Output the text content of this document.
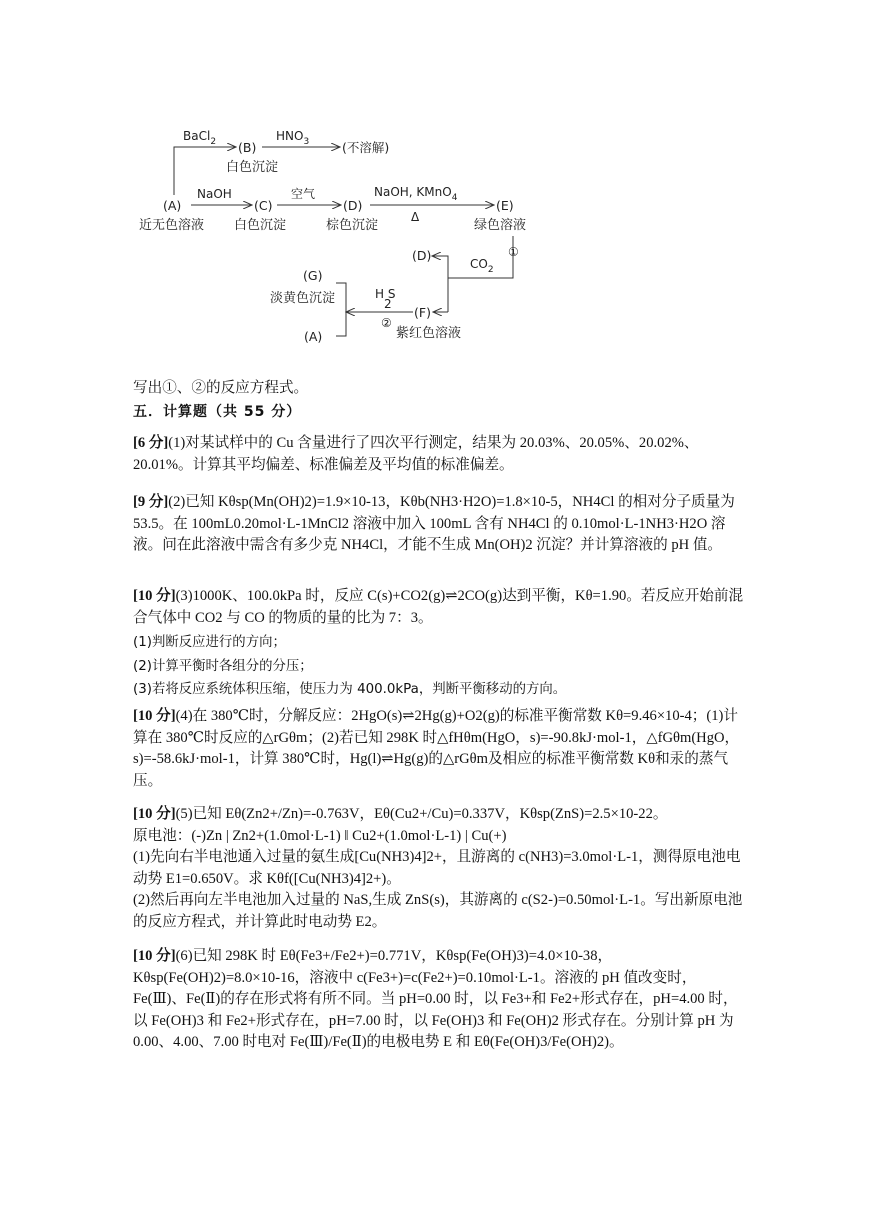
BaCl$_2$	$HNO_3$
NaOH	空气	NaOH, KMnO$_4$
Δ
$CO_2$
H S
2
①
②
(B)	(不溶解)
(A)	(C)	(D)	(E)
(D)
(G)
(F)
(A)
白色沉淀
近无色溶液 白色沉淀	棕色沉淀	绿色溶液
淡黄色沉淀
紫红色溶液

写出①、②的反应方程式。

五．计算题（共 55 分）

[6 分](1)对某试样中的 Cu 含量进行了四次平行测定，结果为 20.03%、20.05%、20.02%、20.01%。计算其平均偏差、标准偏差及平均值的标准偏差。

[9 分](2)已知 Kθsp(Mn(OH)2)=1.9×10-13，Kθb(NH3·H2O)=1.8×10-5，NH4Cl 的相对分子质量为 53.5。在 100mL0.20mol·L-1MnCl2 溶液中加入 100mL 含有 NH4Cl 的 0.10mol·L-1NH3·H2O 溶液。问在此溶液中需含有多少克 NH4Cl，才能不生成 Mn(OH)2 沉淀？并计算溶液的 pH 值。

[10 分](3)1000K、100.0kPa 时，反应 C(s)+CO2(g)⇌2CO(g)达到平衡，Kθ=1.90。若反应开始前混合气体中 CO2 与 CO 的物质的量的比为 7：3。

(1)判断反应进行的方向；

(2)计算平衡时各组分的分压；

(3)若将反应系统体积压缩，使压力为 400.0kPa，判断平衡移动的方向。

[10 分](4)在 380℃时，分解反应：2HgO(s)⇌2Hg(g)+O2(g)的标准平衡常数 Kθ=9.46×10-4；(1)计算在 380℃时反应的△rGθm；(2)若已知 298K 时△fHθm(HgO，s)=-90.8kJ·mol-1，△fGθm(HgO，s)=-58.6kJ·mol-1，计算 380℃时，Hg(l)⇌Hg(g)的△rGθm及相应的标准平衡常数 Kθ和汞的蒸气压。

[10 分](5)已知 Eθ(Zn2+/Zn)=-0.763V，Eθ(Cu2+/Cu)=0.337V，Kθsp(ZnS)=2.5×10-22。

原电池：(-)Zn | Zn2+(1.0mol·L-1) ‖ Cu2+(1.0mol·L-1) | Cu(+)

(1)先向右半电池通入过量的氨生成[Cu(NH3)4]2+，且游离的 c(NH3)=3.0mol·L-1，测得原电池电动势 E1=0.650V。求 Kθf([Cu(NH3)4]2+)。

(2)然后再向左半电池加入过量的 NaS,生成 ZnS(s)，其游离的 c(S2-)=0.50mol·L-1。写出新原电池的反应方程式，并计算此时电动势 E2。

[10 分](6)已知 298K 时 Eθ(Fe3+/Fe2+)=0.771V，Kθsp(Fe(OH)3)=4.0×10-38，Kθsp(Fe(OH)2)=8.0×10-16，溶液中 c(Fe3+)=c(Fe2+)=0.10mol·L-1。溶液的 pH 值改变时，Fe(Ⅲ)、Fe(Ⅱ)的存在形式将有所不同。当 pH=0.00 时，以 Fe3+和 Fe2+形式存在，pH=4.00 时，以 Fe(OH)3 和 Fe2+形式存在，pH=7.00 时，以 Fe(OH)3 和 Fe(OH)2 形式存在。分别计算 pH 为 0.00、4.00、7.00 时电对 Fe(Ⅲ)/Fe(Ⅱ)的电极电势 E 和 Eθ(Fe(OH)3/Fe(OH)2)。
